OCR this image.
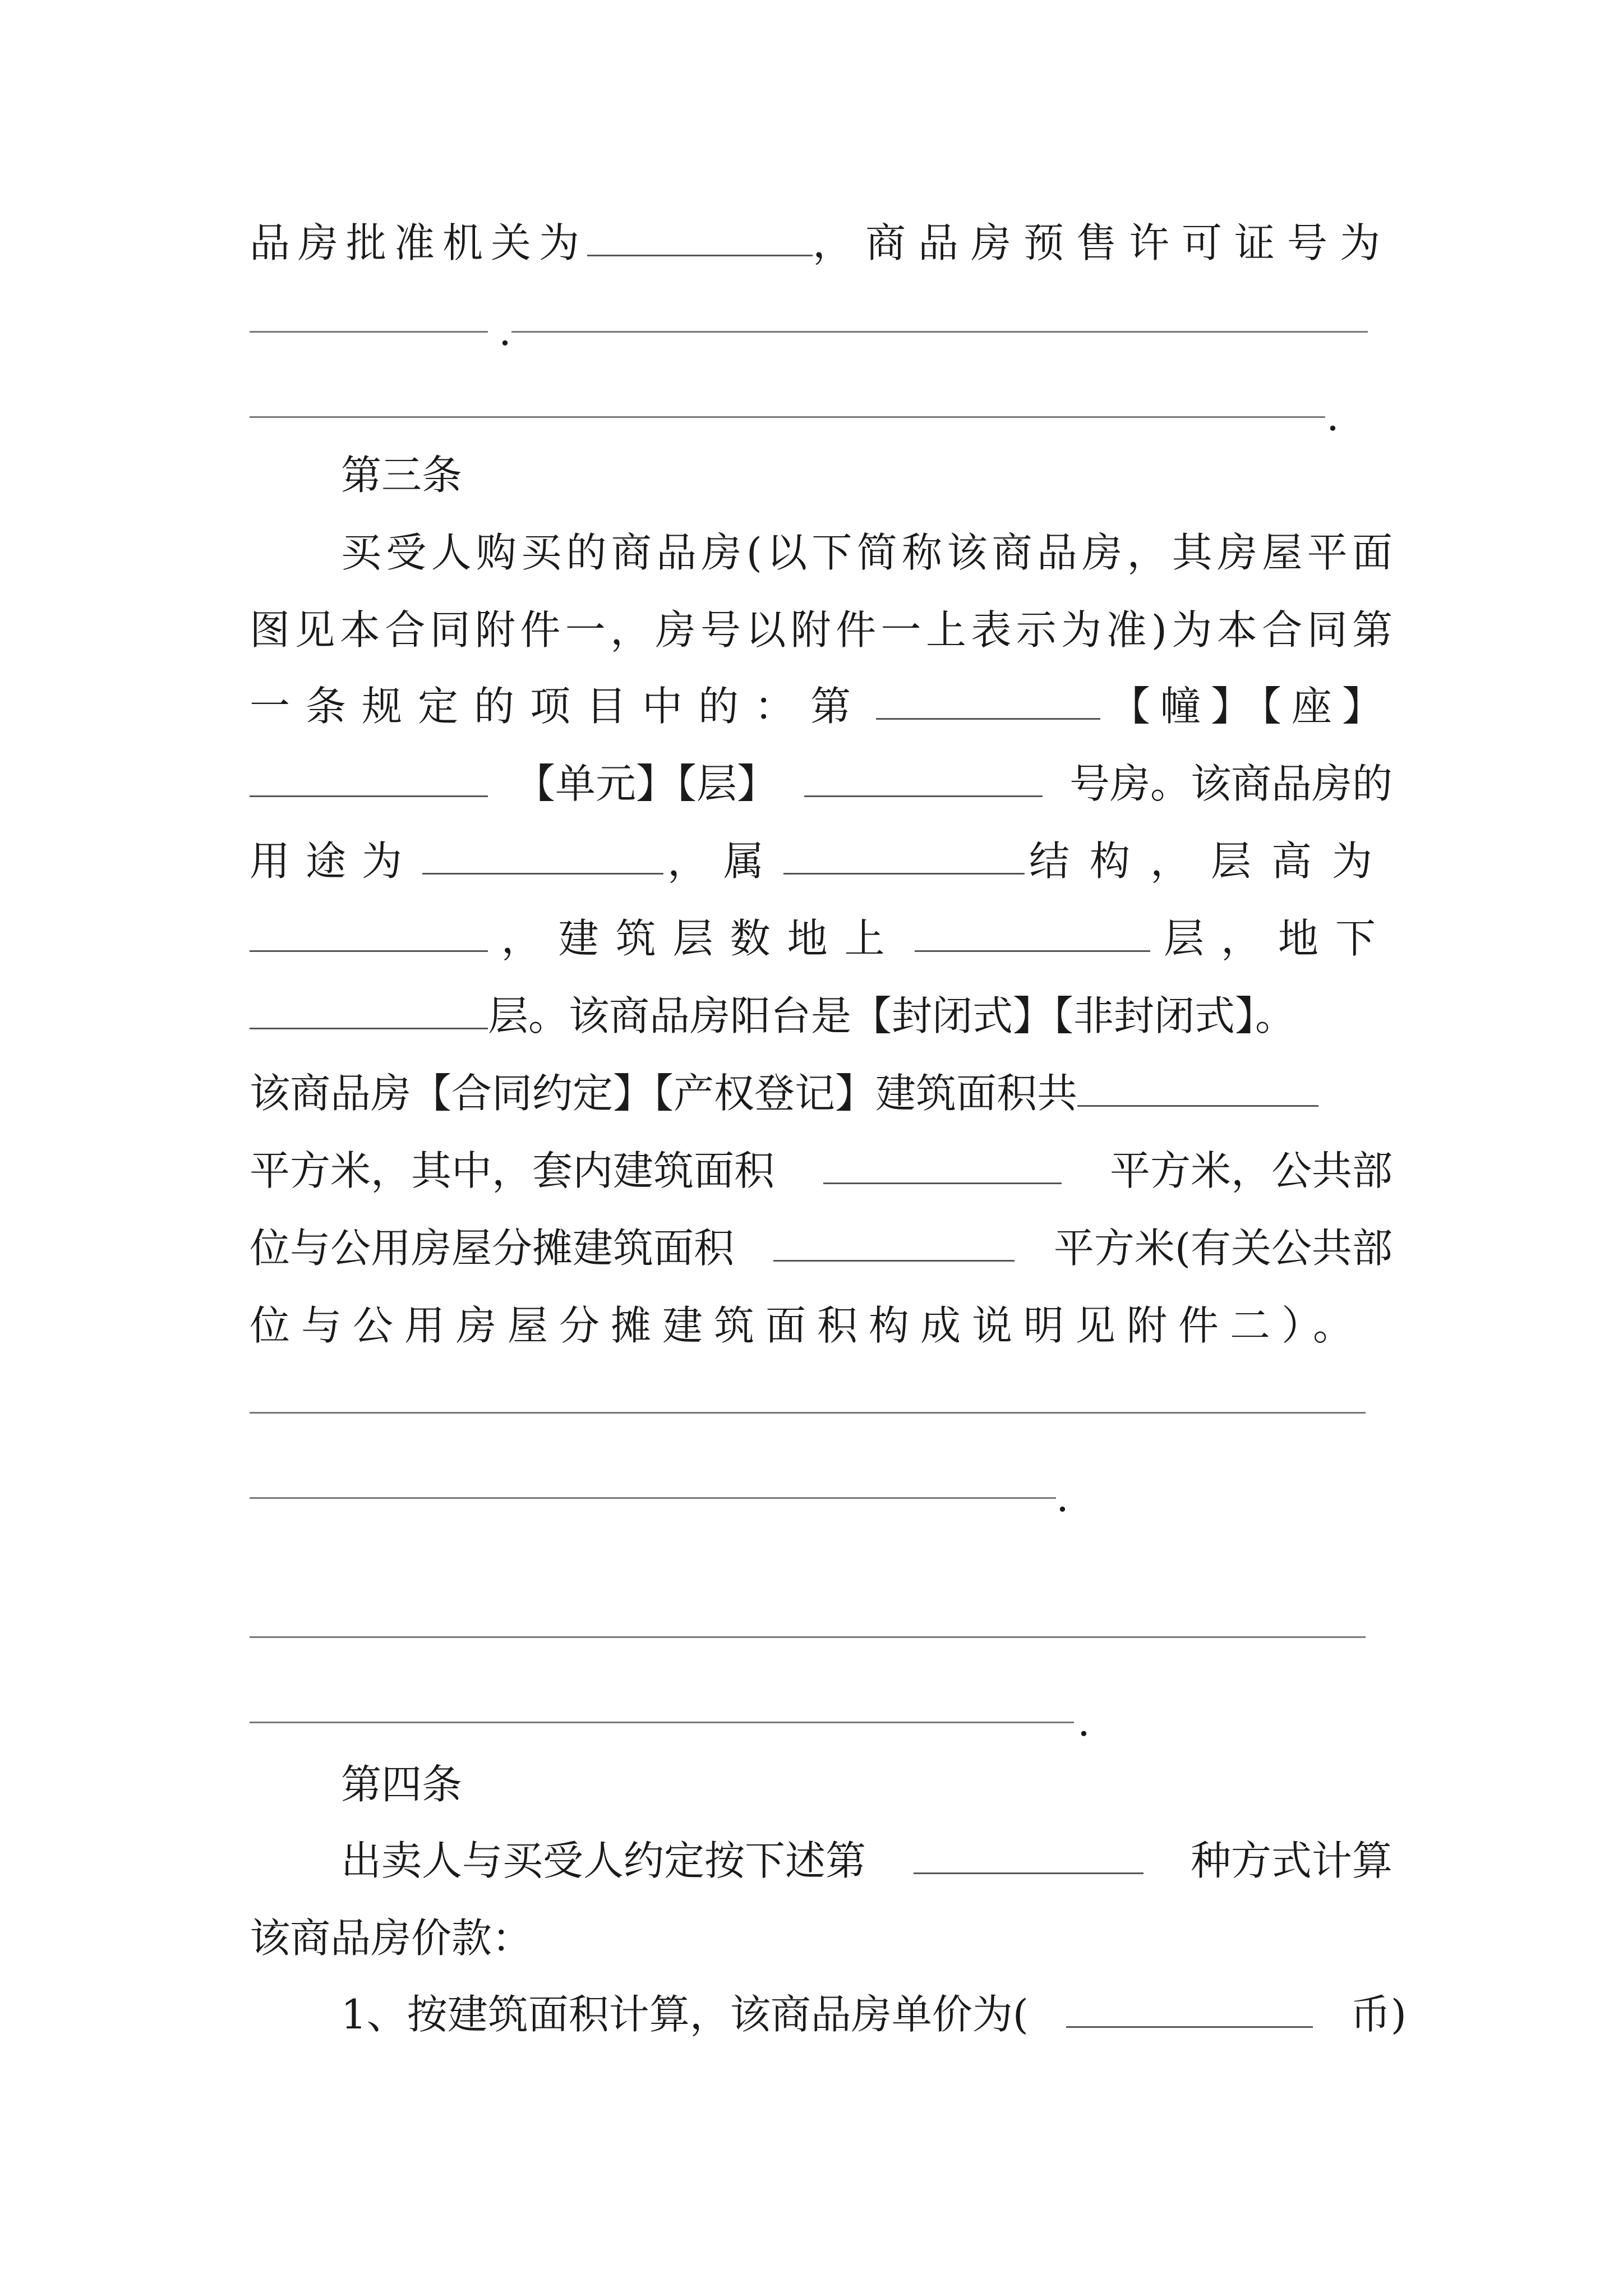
品房批准机关为	，商品房预售许可证号为
.
.
第三条
买受人购买的商品房(以下简称该商品房，其房屋平面
图见本合同附件一，房号以附件一上表示为准)为本合同第
一条规定的项目中的：第	【幢】【座】
【单元】【层】	号房。该商品房的
用途为	，属	结构，层高为
，建筑层数地上	层，地下
层。该商品房阳台是【封闭式】【非封闭式】。
该商品房【合同约定】【产权登记】建筑面积共
平方米，其中，套内建筑面积	平方米，公共部
位与公用房屋分摊建筑面积	平方米(有关公共部
位与公用房屋分摊建筑面积构成说明见附件二）。
.
.
第四条
出卖人与买受人约定按下述第	种方式计算
该商品房价款：
1、按建筑面积计算，该商品房单价为(	币)
